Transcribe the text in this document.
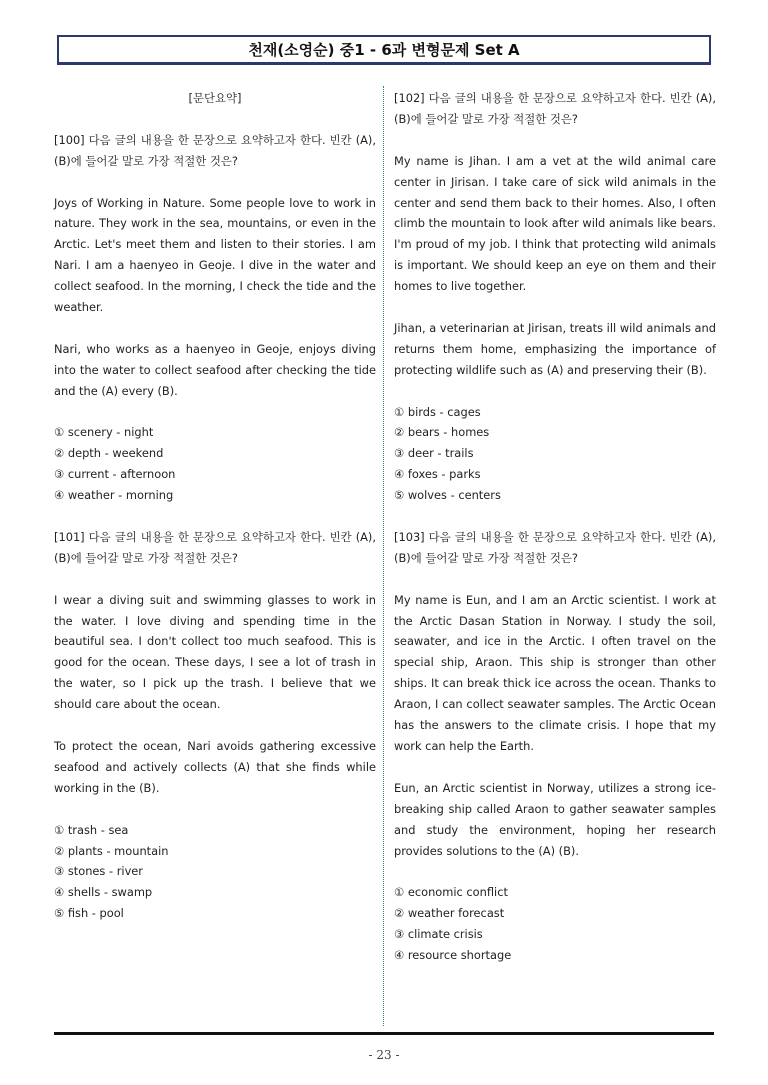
천재(소영순) 중1 - 6과 변형문제 Set A

[문단요약]

[100] 다음 글의 내용을 한 문장으로 요약하고자 한다. 빈칸 (A), (B)에 들어갈 말로 가장 적절한 것은?

Joys of Working in Nature. Some people love to work in nature. They work in the sea, mountains, or even in the Arctic. Let's meet them and listen to their stories. I am Nari. I am a haenyeo in Geoje. I dive in the water and collect seafood. In the morning, I check the tide and the weather.

Nari, who works as a haenyeo in Geoje, enjoys diving into the water to collect seafood after checking the tide and the (A) every (B).

① scenery - night
② depth - weekend
③ current - afternoon
④ weather - morning

[101] 다음 글의 내용을 한 문장으로 요약하고자 한다. 빈칸 (A), (B)에 들어갈 말로 가장 적절한 것은?

I wear a diving suit and swimming glasses to work in the water. I love diving and spending time in the beautiful sea. I don't collect too much seafood. This is good for the ocean. These days, I see a lot of trash in the water, so I pick up the trash. I believe that we should care about the ocean.

To protect the ocean, Nari avoids gathering excessive seafood and actively collects (A) that she finds while working in the (B).

① trash - sea
② plants - mountain
③ stones - river
④ shells - swamp
⑤ fish - pool

[102] 다음 글의 내용을 한 문장으로 요약하고자 한다. 빈칸 (A), (B)에 들어갈 말로 가장 적절한 것은?

My name is Jihan. I am a vet at the wild animal care center in Jirisan. I take care of sick wild animals in the center and send them back to their homes. Also, I often climb the mountain to look after wild animals like bears. I'm proud of my job. I think that protecting wild animals is important. We should keep an eye on them and their homes to live together.

Jihan, a veterinarian at Jirisan, treats ill wild animals and returns them home, emphasizing the importance of protecting wildlife such as (A) and preserving their (B).

① birds - cages
② bears - homes
③ deer - trails
④ foxes - parks
⑤ wolves - centers

[103] 다음 글의 내용을 한 문장으로 요약하고자 한다. 빈칸 (A), (B)에 들어갈 말로 가장 적절한 것은?

My name is Eun, and I am an Arctic scientist. I work at the Arctic Dasan Station in Norway. I study the soil, seawater, and ice in the Arctic. I often travel on the special ship, Araon. This ship is stronger than other ships. It can break thick ice across the ocean. Thanks to Araon, I can collect seawater samples. The Arctic Ocean has the answers to the climate crisis. I hope that my work can help the Earth.

Eun, an Arctic scientist in Norway, utilizes a strong ice-breaking ship called Araon to gather seawater samples and study the environment, hoping her research provides solutions to the (A) (B).

① economic conflict
② weather forecast
③ climate crisis
④ resource shortage
- 23 -
